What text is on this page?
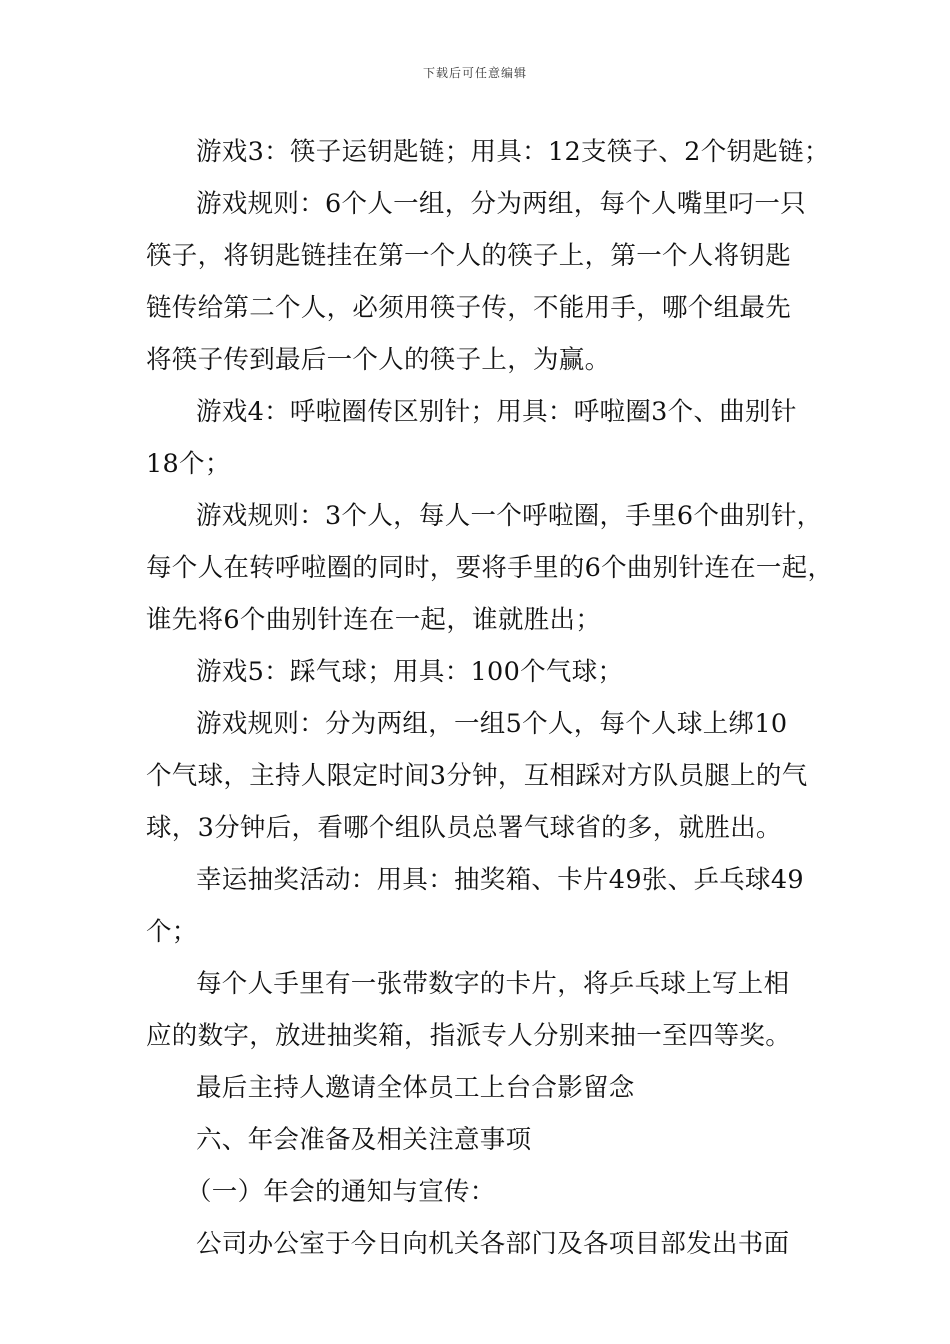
下载后可任意编辑
游戏3：筷子运钥匙链；用具：12支筷子、2个钥匙链；
游戏规则：6个人一组，分为两组，每个人嘴里叼一只
筷子，将钥匙链挂在第一个人的筷子上，第一个人将钥匙
链传给第二个人，必须用筷子传，不能用手，哪个组最先
将筷子传到最后一个人的筷子上，为赢。
游戏4：呼啦圈传区别针；用具：呼啦圈3个、曲别针
18个；
游戏规则：3个人，每人一个呼啦圈，手里6个曲别针，
每个人在转呼啦圈的同时，要将手里的6个曲别针连在一起，
谁先将6个曲别针连在一起，谁就胜出；
游戏5：踩气球；用具：100个气球；
游戏规则：分为两组，一组5个人，每个人球上绑10
个气球，主持人限定时间3分钟，互相踩对方队员腿上的气
球，3分钟后，看哪个组队员总署气球省的多，就胜出。
幸运抽奖活动：用具：抽奖箱、卡片49张、乒乓球49
个；
每个人手里有一张带数字的卡片，将乒乓球上写上相
应的数字，放进抽奖箱，指派专人分别来抽一至四等奖。
最后主持人邀请全体员工上台合影留念
六、年会准备及相关注意事项
（一）年会的通知与宣传：
公司办公室于今日向机关各部门及各项目部发出书面
